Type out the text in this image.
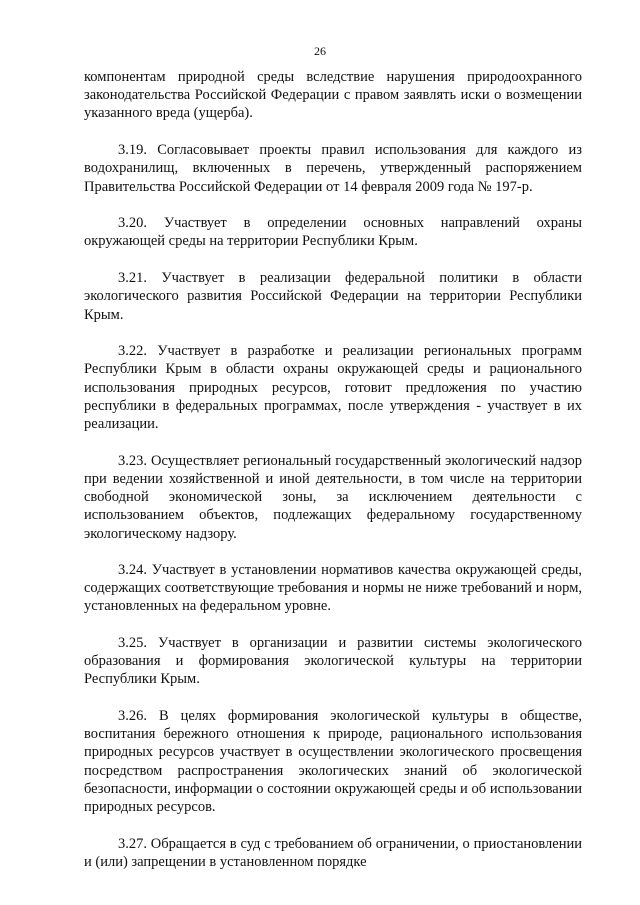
26

компонентам природной среды вследствие нарушения природоохранного законодательства Российской Федерации с правом заявлять иски о возмещении указанного вреда (ущерба).

3.19. Согласовывает проекты правил использования для каждого из водохранилищ, включенных в перечень, утвержденный распоряжением Правительства Российской Федерации от 14 февраля 2009 года № 197-р.

3.20. Участвует в определении основных направлений охраны окружающей среды на территории Республики Крым.

3.21. Участвует в реализации федеральной политики в области экологического развития Российской Федерации на территории Республики Крым.

3.22. Участвует в разработке и реализации региональных программ Республики Крым в области охраны окружающей среды и рационального использования природных ресурсов, готовит предложения по участию республики в федеральных программах, после утверждения - участвует в их реализации.

3.23. Осуществляет региональный государственный экологический надзор при ведении хозяйственной и иной деятельности, в том числе на территории свободной экономической зоны, за исключением деятельности с использованием объектов, подлежащих федеральному государственному экологическому надзору.

3.24. Участвует в установлении нормативов качества окружающей среды, содержащих соответствующие требования и нормы не ниже требований и норм, установленных на федеральном уровне.

3.25. Участвует в организации и развитии системы экологического образования и формирования экологической культуры на территории Республики Крым.

3.26. В целях формирования экологической культуры в обществе, воспитания бережного отношения к природе, рационального использования природных ресурсов участвует в осуществлении экологического просвещения посредством распространения экологических знаний об экологической безопасности, информации о состоянии окружающей среды и об использовании природных ресурсов.

3.27. Обращается в суд с требованием об ограничении, о приостановлении и (или) запрещении в установленном порядке
